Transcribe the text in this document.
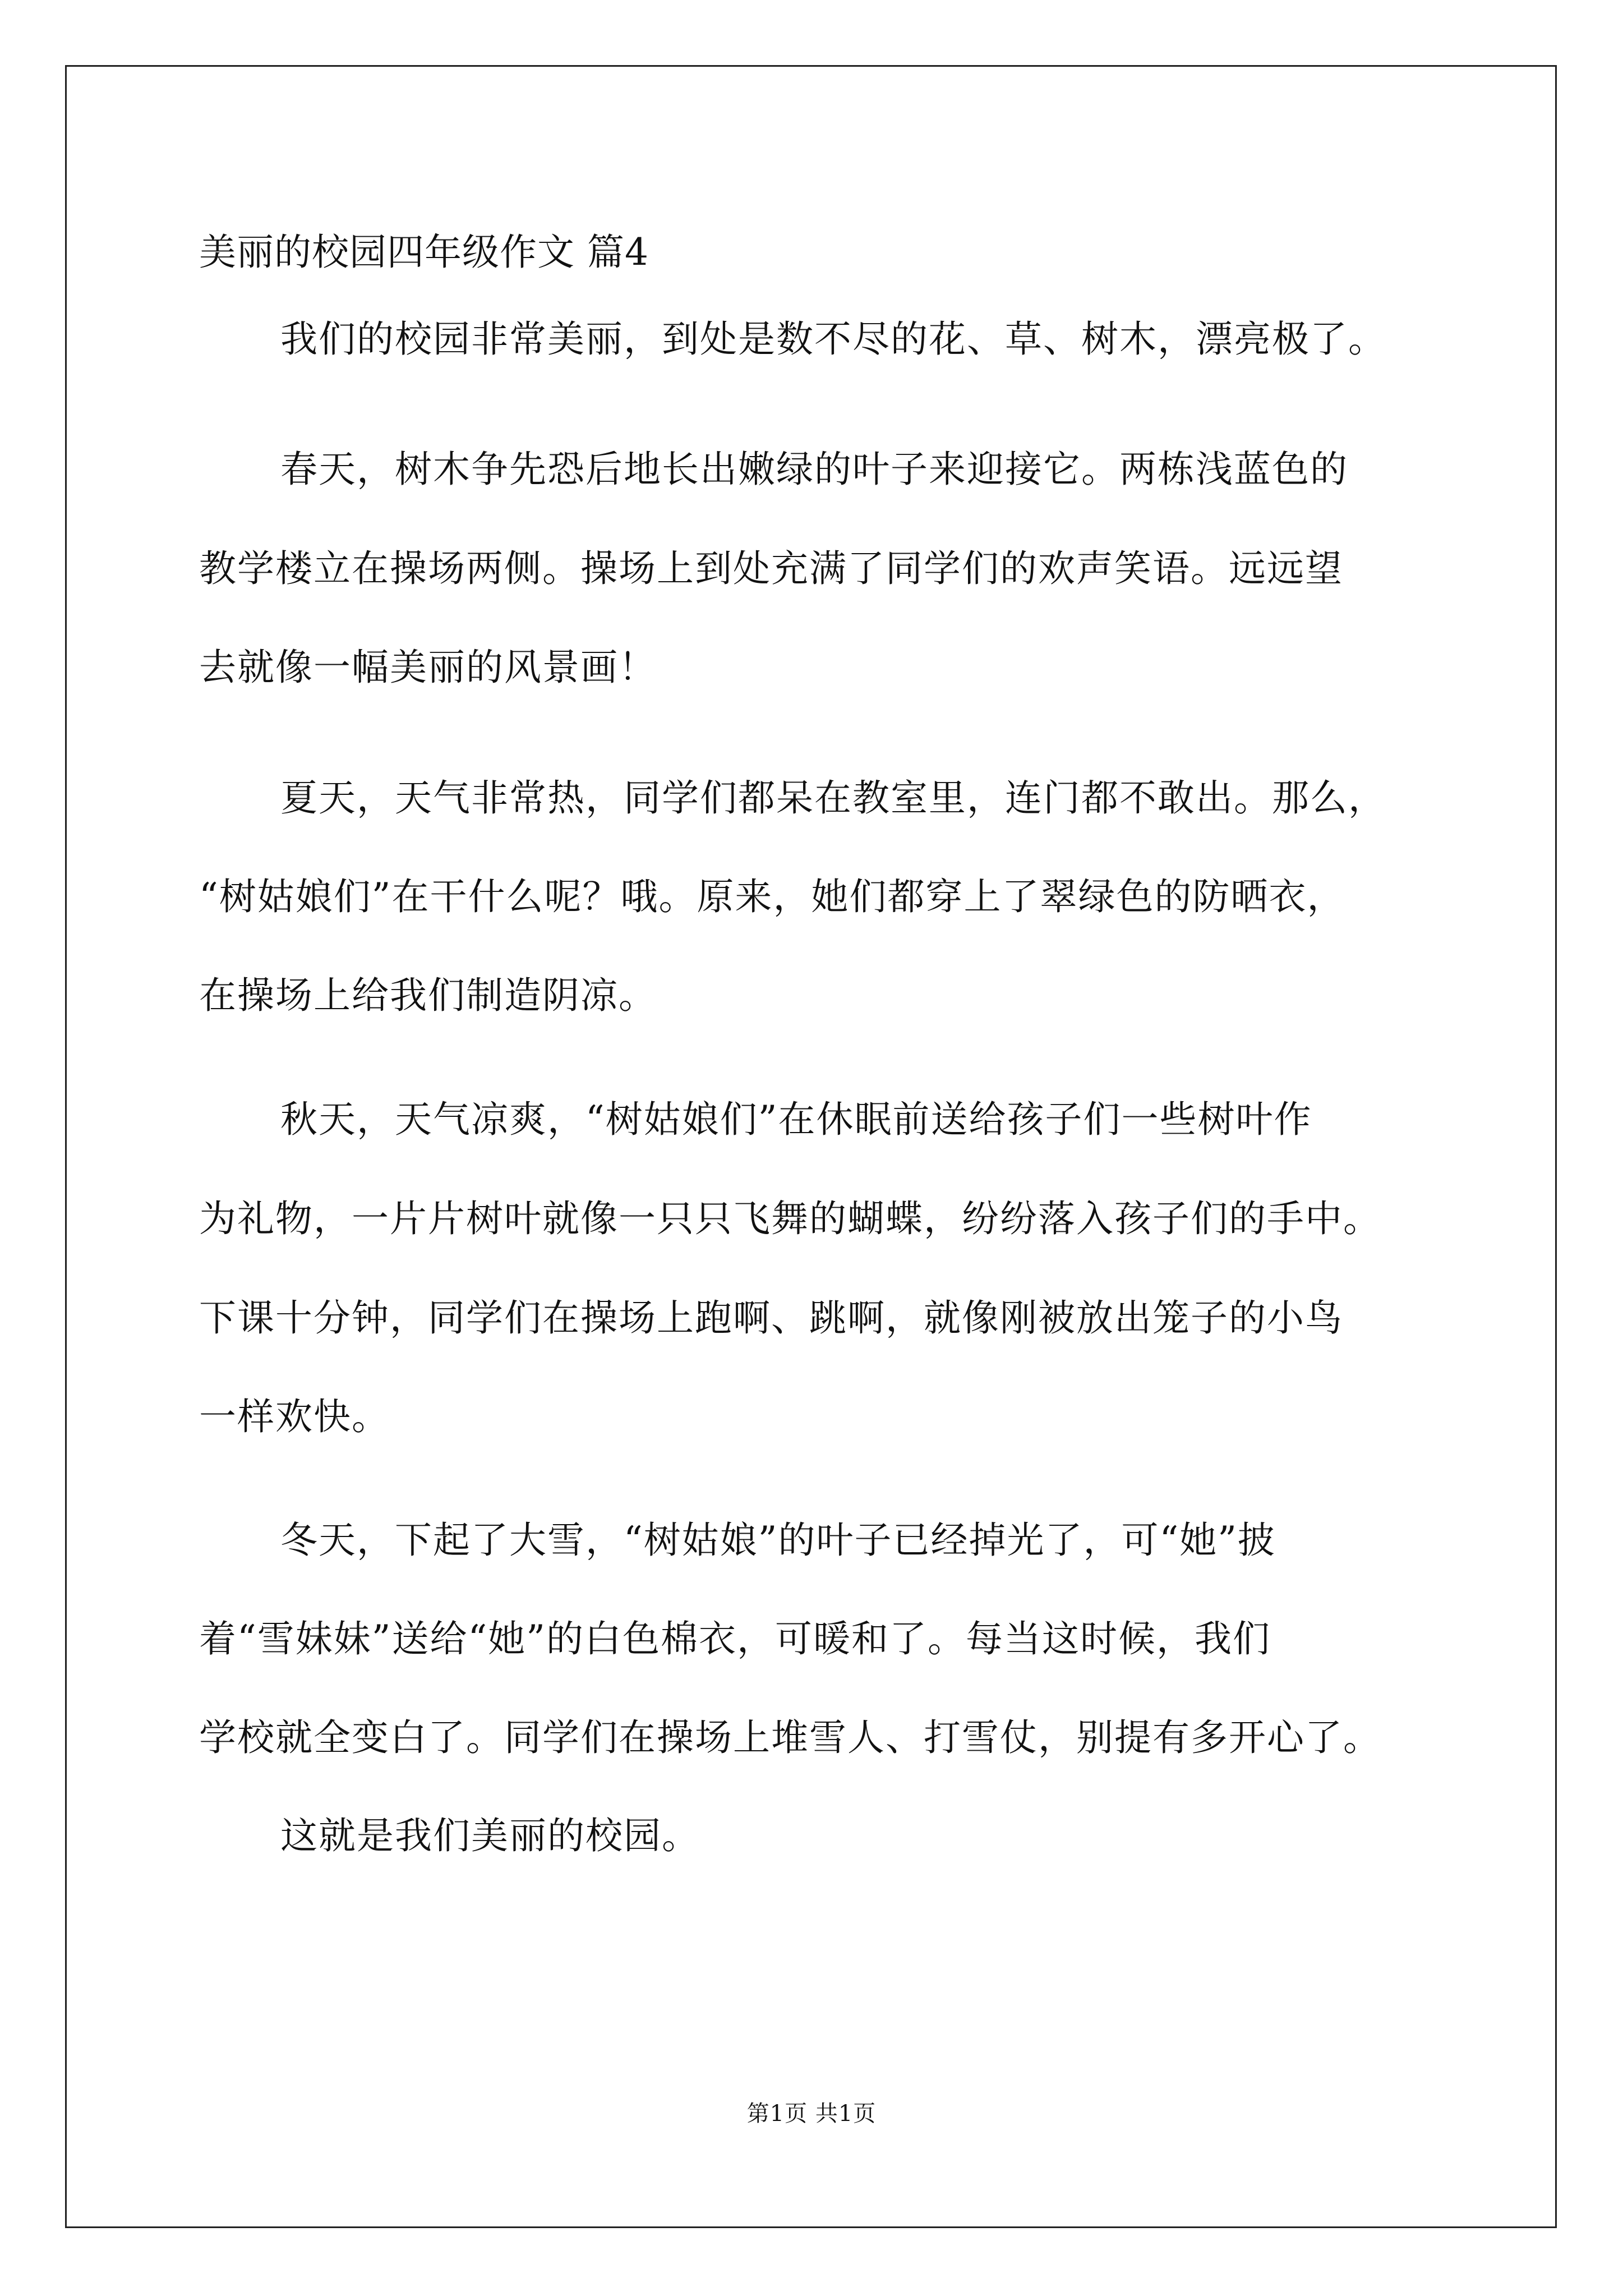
美丽的校园四年级作文 篇4
我们的校园非常美丽，到处是数不尽的花、草、树木，漂亮极了。
春天，树木争先恐后地长出嫩绿的叶子来迎接它。两栋浅蓝色的
教学楼立在操场两侧。操场上到处充满了同学们的欢声笑语。远远望
去就像一幅美丽的风景画！
夏天，天气非常热，同学们都呆在教室里，连门都不敢出。那么，
“树姑娘们”在干什么呢？哦。原来，她们都穿上了翠绿色的防晒衣，
在操场上给我们制造阴凉。
秋天，天气凉爽，“树姑娘们”在休眠前送给孩子们一些树叶作
为礼物，一片片树叶就像一只只飞舞的蝴蝶，纷纷落入孩子们的手中。
下课十分钟，同学们在操场上跑啊、跳啊，就像刚被放出笼子的小鸟
一样欢快。
冬天，下起了大雪，“树姑娘”的叶子已经掉光了，可“她”披
着“雪妹妹”送给“她”的白色棉衣，可暖和了。每当这时候，我们
学校就全变白了。同学们在操场上堆雪人、打雪仗，别提有多开心了。
这就是我们美丽的校园。
第1页 共1页
